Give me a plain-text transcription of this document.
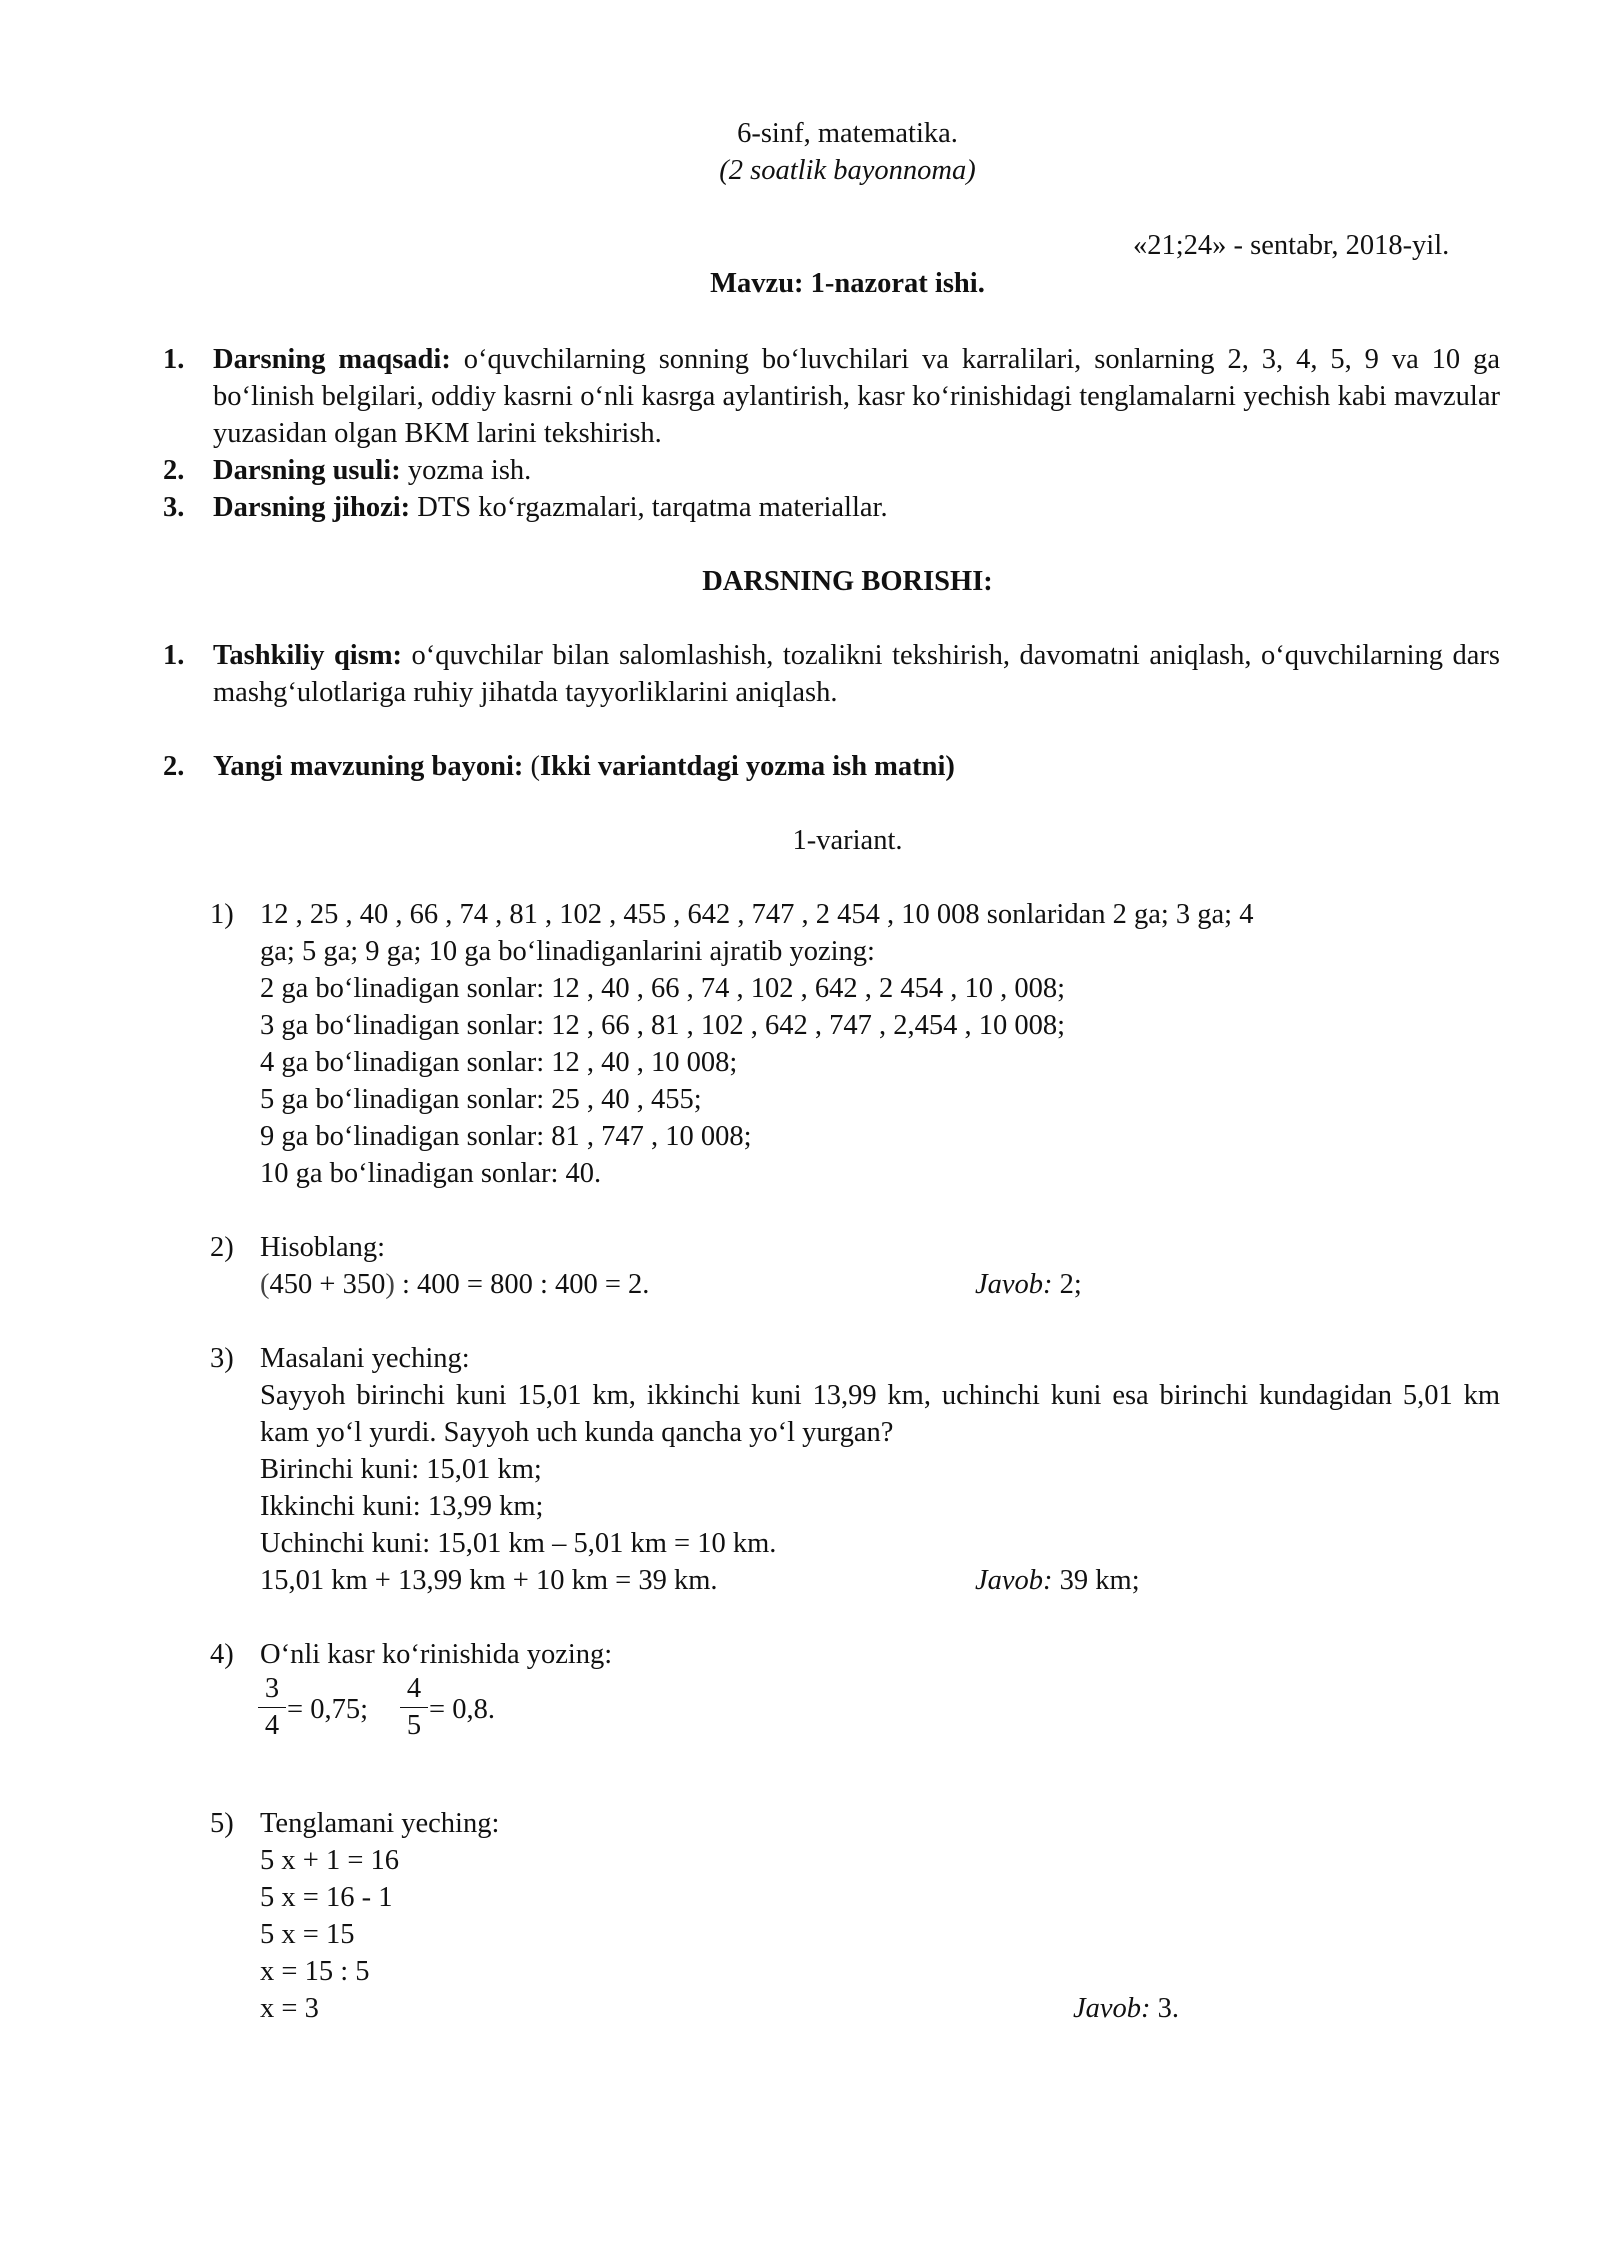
6-sinf, matematika.
(2 soatlik bayonnoma)
«21;24» - sentabr, 2018-yil.
Mavzu: 1-nazorat ishi.
1. Darsning maqsadi: o‘quvchilarning sonning bo‘luvchilari va karralilari, sonlarning 2, 3, 4, 5, 9 va 10 ga bo‘linish belgilari, oddiy kasrni o‘nli kasrga aylantirish, kasr ko‘rinishidagi tenglamalarni yechish kabi mavzular yuzasidan olgan BKM larini tekshirish.
2. Darsning usuli: yozma ish.
3. Darsning jihozi: DTS ko‘rgazmalari, tarqatma materiallar.
DARSNING BORISHI:
1. Tashkiliy qism: o‘quvchilar bilan salomlashish, tozalikni tekshirish, davomatni aniqlash, o‘quvchilarning dars mashg‘ulotlariga ruhiy jihatda tayyorliklarini aniqlash.
2. Yangi mavzuning bayoni: (Ikki variantdagi yozma ish matni)
1-variant.
1) 12 , 25 , 40 , 66 , 74 , 81 , 102 , 455 , 642 , 747 , 2 454 , 10 008 sonlaridan 2 ga; 3 ga; 4
ga; 5 ga; 9 ga; 10 ga bo‘linadiganlarini ajratib yozing:
2 ga bo‘linadigan sonlar: 12 , 40 , 66 , 74 , 102 , 642 , 2 454 , 10 , 008;
3 ga bo‘linadigan sonlar: 12 , 66 , 81 , 102 , 642 , 747 , 2,454 , 10 008;
4 ga bo‘linadigan sonlar: 12 , 40 , 10 008;
5 ga bo‘linadigan sonlar: 25 , 40 , 455;
9 ga bo‘linadigan sonlar: 81 , 747 , 10 008;
10 ga bo‘linadigan sonlar: 40.
2) Hisoblang:
(450 + 350) : 400 = 800 : 400 = 2.	Javob: 2;
3) Masalani yeching:
Sayyoh birinchi kuni 15,01 km, ikkinchi kuni 13,99 km, uchinchi kuni esa birinchi kundagidan 5,01 km kam yo‘l yurdi. Sayyoh uch kunda qancha yo‘l yurgan?
Birinchi kuni: 15,01 km;
Ikkinchi kuni: 13,99 km;
Uchinchi kuni: 15,01 km – 5,01 km = 10 km.
15,01 km + 13,99 km + 10 km = 39 km.	Javob: 39 km;
4) O‘nli kasr ko‘rinishida yozing:
$\frac{3}{4} = 0,75$; $\frac{4}{5} = 0,8$.
5) Tenglamani yeching:
5 x + 1 = 16
5 x = 16 - 1
5 x = 15
x = 15 : 5
x = 3	Javob: 3.
